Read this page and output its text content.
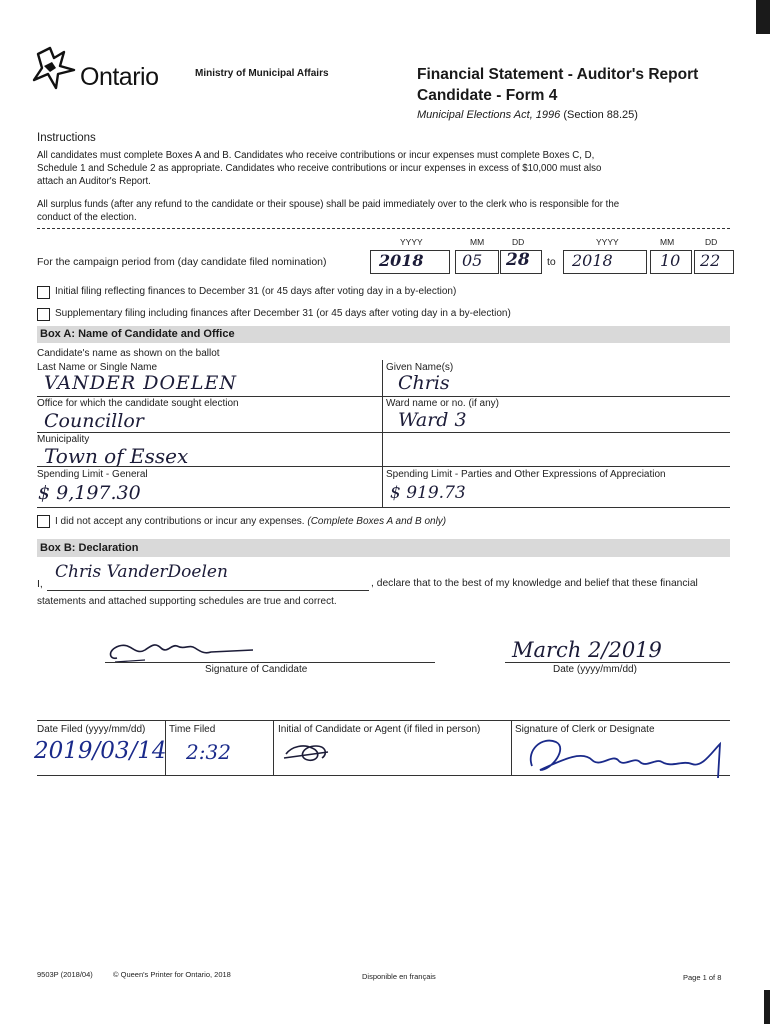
Ontario	Ministry of Municipal Affairs	Financial Statement - Auditor's Report
Candidate - Form 4
Municipal Elections Act, 1996 (Section 88.25)
Instructions
All candidates must complete Boxes A and B. Candidates who receive contributions or incur expenses must complete Boxes C, D,
Schedule 1 and Schedule 2 as appropriate. Candidates who receive contributions or incur expenses in excess of $10,000 must also
attach an Auditor's Report.
All surplus funds (after any refund to the candidate or their spouse) shall be paid immediately over to the clerk who is responsible for the
conduct of the election.
For the campaign period from (day candidate filed nomination)
YYYY	MM	DD	YYYY	MM	DD
to
2018 05 28	2018	10 22
Initial filing reflecting finances to December 31 (or 45 days after voting day in a by-election)
Supplementary filing including finances after December 31 (or 45 days after voting day in a by-election)
Box A: Name of Candidate and Office
Candidate's name as shown on the ballot
Last Name or Single Name	Given Name(s)
VANDER DOELEN	Chris
Office for which the candidate sought election	Ward name or no. (if any)
Councillor	Ward 3
Municipality
Town of Essex
Spending Limit - General	Spending Limit - Parties and Other Expressions of Appreciation
$ 9,197.30	$ 919.73
I did not accept any contributions or incur any expenses. (Complete Boxes A and B only)
Box B: Declaration
I,
Chris VanderDoelen
, declare that to the best of my knowledge and belief that these financial
statements and attached supporting schedules are true and correct.
Signature of Candidate
March 2/2019
Date (yyyy/mm/dd)
Date Filed (yyyy/mm/dd) Time Filed	Initial of Candidate or Agent (if filed in person)	Signature of Clerk or Designate
2019/03/14 2:32
9503P (2018/04)	© Queen's Printer for Ontario, 2018	Disponible en français	Page 1 of 8
